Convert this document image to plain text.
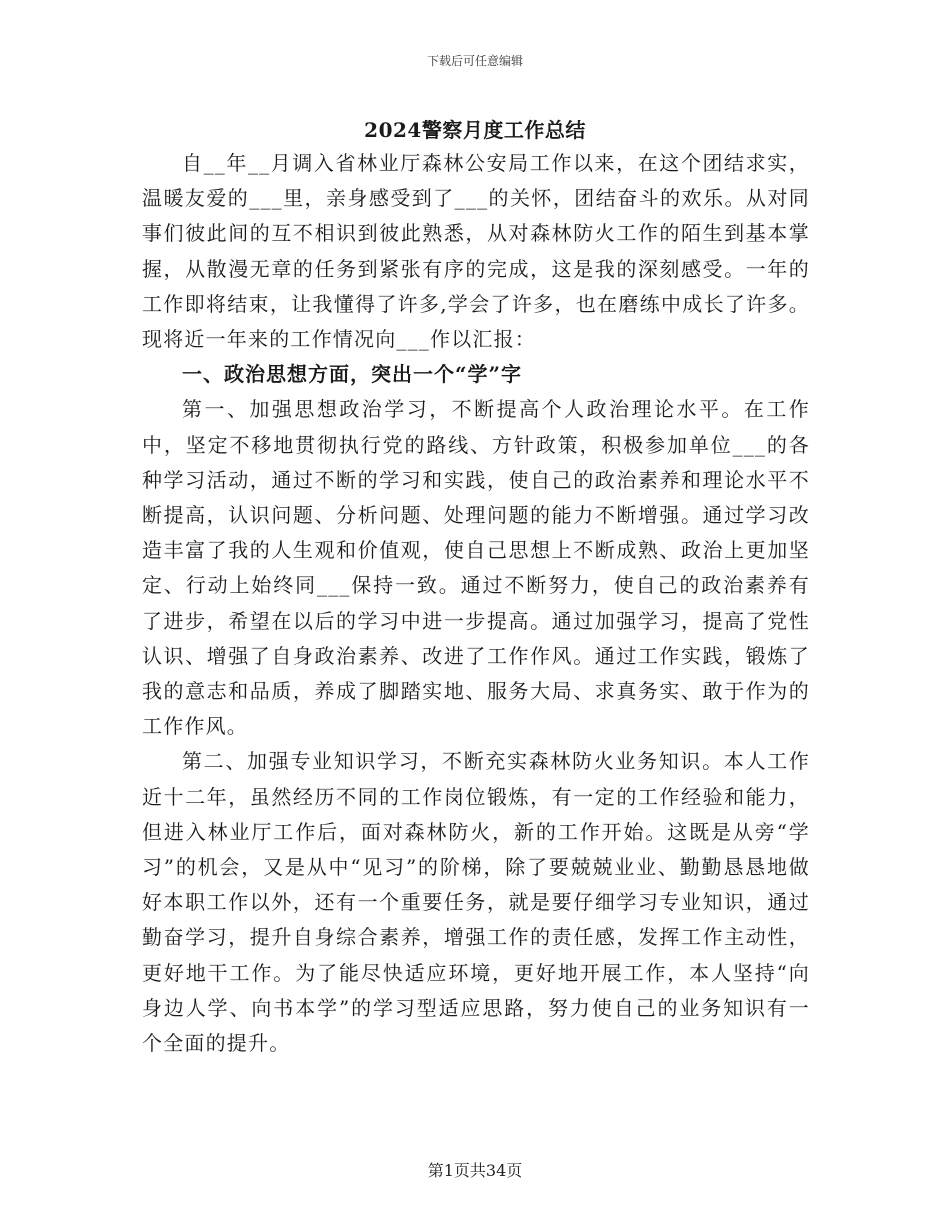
下载后可任意编辑
2024警察月度工作总结

自__年__月调入省林业厅森林公安局工作以来，在这个团结求实，温暖友爱的___里，亲身感受到了___的关怀，团结奋斗的欢乐。从对同事们彼此间的互不相识到彼此熟悉，从对森林防火工作的陌生到基本掌握，从散漫无章的任务到紧张有序的完成，这是我的深刻感受。一年的工作即将结束，让我懂得了许多,学会了许多，也在磨练中成长了许多。现将近一年来的工作情况向___作以汇报：

一、政治思想方面，突出一个“学”字

第一、加强思想政治学习，不断提高个人政治理论水平。在工作中，坚定不移地贯彻执行党的路线、方针政策，积极参加单位___的各种学习活动，通过不断的学习和实践，使自己的政治素养和理论水平不断提高，认识问题、分析问题、处理问题的能力不断增强。通过学习改造丰富了我的人生观和价值观，使自己思想上不断成熟、政治上更加坚定、行动上始终同___保持一致。通过不断努力，使自己的政治素养有了进步，希望在以后的学习中进一步提高。通过加强学习，提高了党性认识、增强了自身政治素养、改进了工作作风。通过工作实践，锻炼了我的意志和品质，养成了脚踏实地、服务大局、求真务实、敢于作为的工作作风。

第二、加强专业知识学习，不断充实森林防火业务知识。本人工作近十二年，虽然经历不同的工作岗位锻炼，有一定的工作经验和能力，但进入林业厅工作后，面对森林防火，新的工作开始。这既是从旁“学习”的机会，又是从中“见习”的阶梯，除了要兢兢业业、勤勤恳恳地做好本职工作以外，还有一个重要任务，就是要仔细学习专业知识，通过勤奋学习，提升自身综合素养，增强工作的责任感，发挥工作主动性，更好地干工作。为了能尽快适应环境，更好地开展工作，本人坚持“向身边人学、向书本学”的学习型适应思路，努力使自己的业务知识有一个全面的提升。

第1页共34页
